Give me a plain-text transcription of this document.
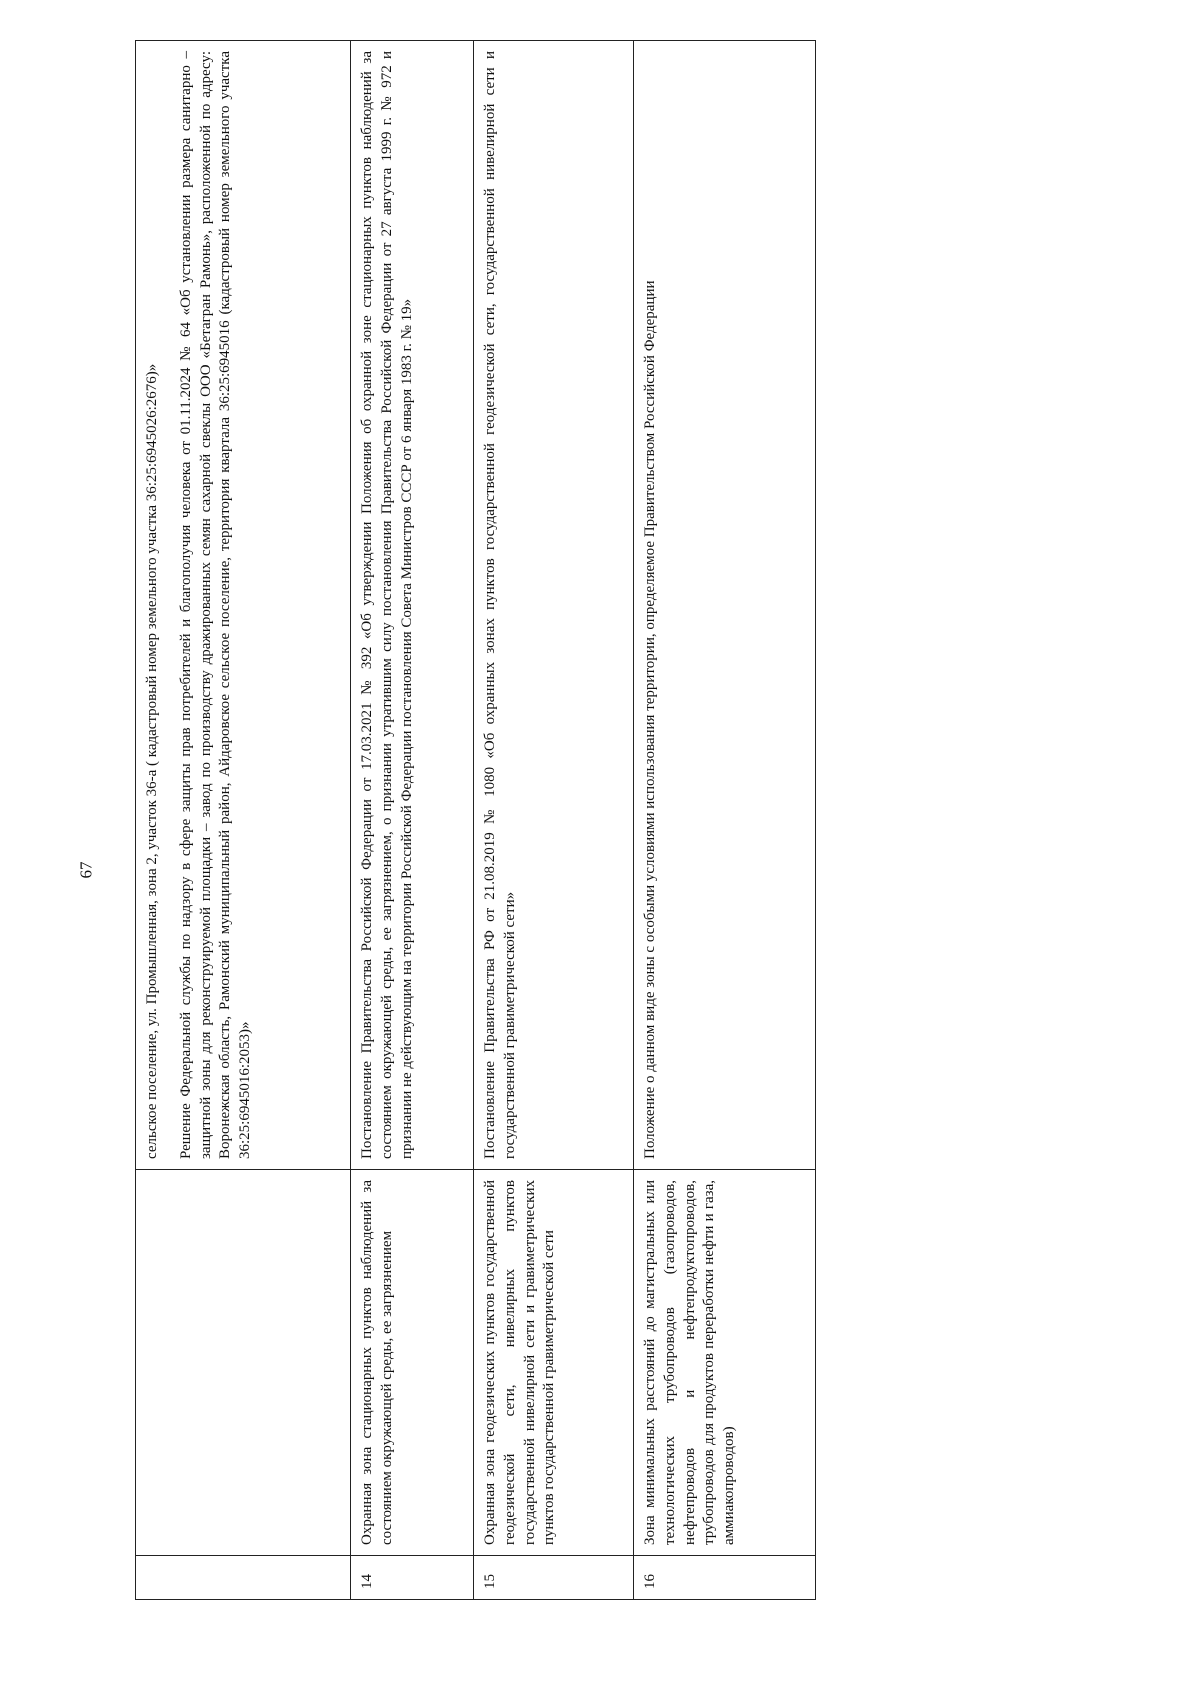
67

		сельское поселение, ул. Промышленная, зона 2, участок 36-а ( кадастровый номер земельного участка 36:25:6945026:2676)» Решение Федеральной службы по надзору в сфере защиты прав потребителей и благополучия человека от 01.11.2024 № 64 «Об установлении размера санитарно – защитной зоны для реконструируемой площадки – завод по производству дражированных семян сахарной свеклы ООО «Бетагран Рамонь», расположенной по адресу: Воронежская область, Рамонский муниципальный район, Айдаровское сельское поселение, территория квартала 36:25:6945016 (кадастровый номер земельного участка 36:25:6945016:2053)»

14	Охранная зона стационарных пунктов наблюдений за состоянием окружающей среды, ее загрязнением	Постановление Правительства Российской Федерации от 17.03.2021 № 392 «Об утверждении Положения об охранной зоне стационарных пунктов наблюдений за состоянием окружающей среды, ее загрязнением, о признании утратившим силу постановления Правительства Российской Федерации от 27 августа 1999 г. № 972 и признании не действующим на территории Российской Федерации постановления Совета Министров СССР от 6 января 1983 г. № 19»

15	Охранная зона геодезических пунктов государственной геодезической сети, нивелирных пунктов государственной нивелирной сети и гравиметрических пунктов государственной гравиметрической сети	Постановление Правительства РФ от 21.08.2019 № 1080 «Об охранных зонах пунктов государственной геодезической сети, государственной нивелирной сети и государственной гравиметрической сети»

16	Зона минимальных расстояний до магистральных или технологических трубопроводов (газопроводов, нефтепроводов и нефтепродуктопроводов, трубопроводов для продуктов переработки нефти и газа, аммиакопроводов)	Положение о данном виде зоны с особыми условиями использования территории, определяемое Правительством Российской Федерации
